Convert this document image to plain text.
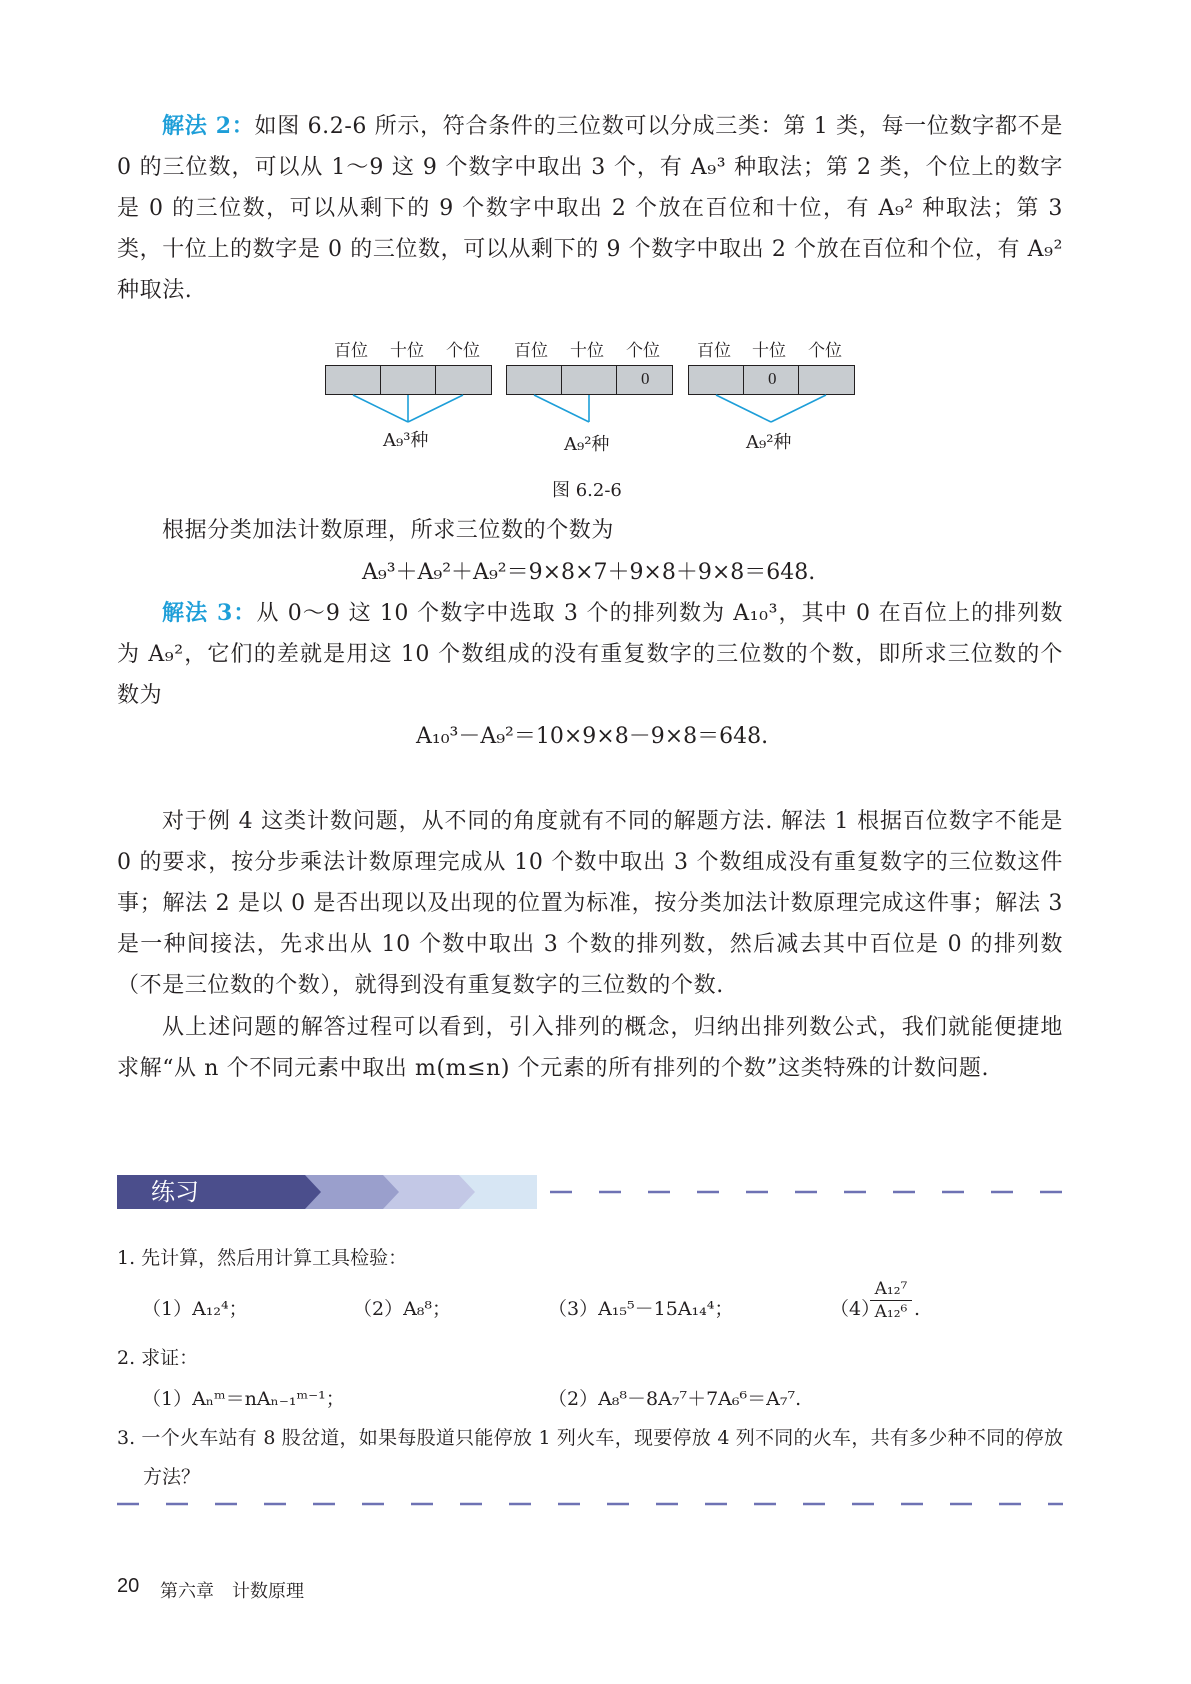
解法 2：如图 6.2-6 所示，符合条件的三位数可以分成三类：第 1 类，每一位数字都不是 0 的三位数，可以从 1～9 这 9 个数字中取出 3 个，有 A₉³ 种取法；第 2 类，个位上的数字是 0 的三位数，可以从剩下的 9 个数字中取出 2 个放在百位和十位，有 A₉² 种取法；第 3 类，十位上的数字是 0 的三位数，可以从剩下的 9 个数字中取出 2 个放在百位和个位，有 A₉² 种取法.
百位 十位 个位 百位 十位 个位 百位 十位 个位
0	0
A₉³种	A₉²种	A₉²种
图 6.2-6
根据分类加法计数原理，所求三位数的个数为
A₉³＋A₉²＋A₉²＝9×8×7＋9×8＋9×8＝648.
解法 3：从 0～9 这 10 个数字中选取 3 个的排列数为 A₁₀³，其中 0 在百位上的排列数为 A₉²，它们的差就是用这 10 个数组成的没有重复数字的三位数的个数，即所求三位数的个数为
A₁₀³－A₉²＝10×9×8－9×8＝648.
对于例 4 这类计数问题，从不同的角度就有不同的解题方法. 解法 1 根据百位数字不能是 0 的要求，按分步乘法计数原理完成从 10 个数中取出 3 个数组成没有重复数字的三位数这件事；解法 2 是以 0 是否出现以及出现的位置为标准，按分类加法计数原理完成这件事；解法 3 是一种间接法，先求出从 10 个数中取出 3 个数的排列数，然后减去其中百位是 0 的排列数（不是三位数的个数），就得到没有重复数字的三位数的个数.
从上述问题的解答过程可以看到，引入排列的概念，归纳出排列数公式，我们就能便捷地求解“从 n 个不同元素中取出 m(m≤n) 个元素的所有排列的个数”这类特殊的计数问题.
练习
1. 先计算，然后用计算工具检验：
（1）A₁₂⁴；	（2）A₈⁸；	（3）A₁₅⁵－15A₁₄⁴；	（4）
$\frac{\text{A₁₂⁷}}{\text{A₁₂⁶}}$ .
2. 求证：
（1）Aₙᵐ＝nAₙ₋₁ᵐ⁻¹；	（2）A₈⁸－8A₇⁷＋7A₆⁶＝A₇⁷.
3. 一个火车站有 8 股岔道，如果每股道只能停放 1 列火车，现要停放 4 列不同的火车，共有多少种不同的停放方法？
20 第六章　计数原理
